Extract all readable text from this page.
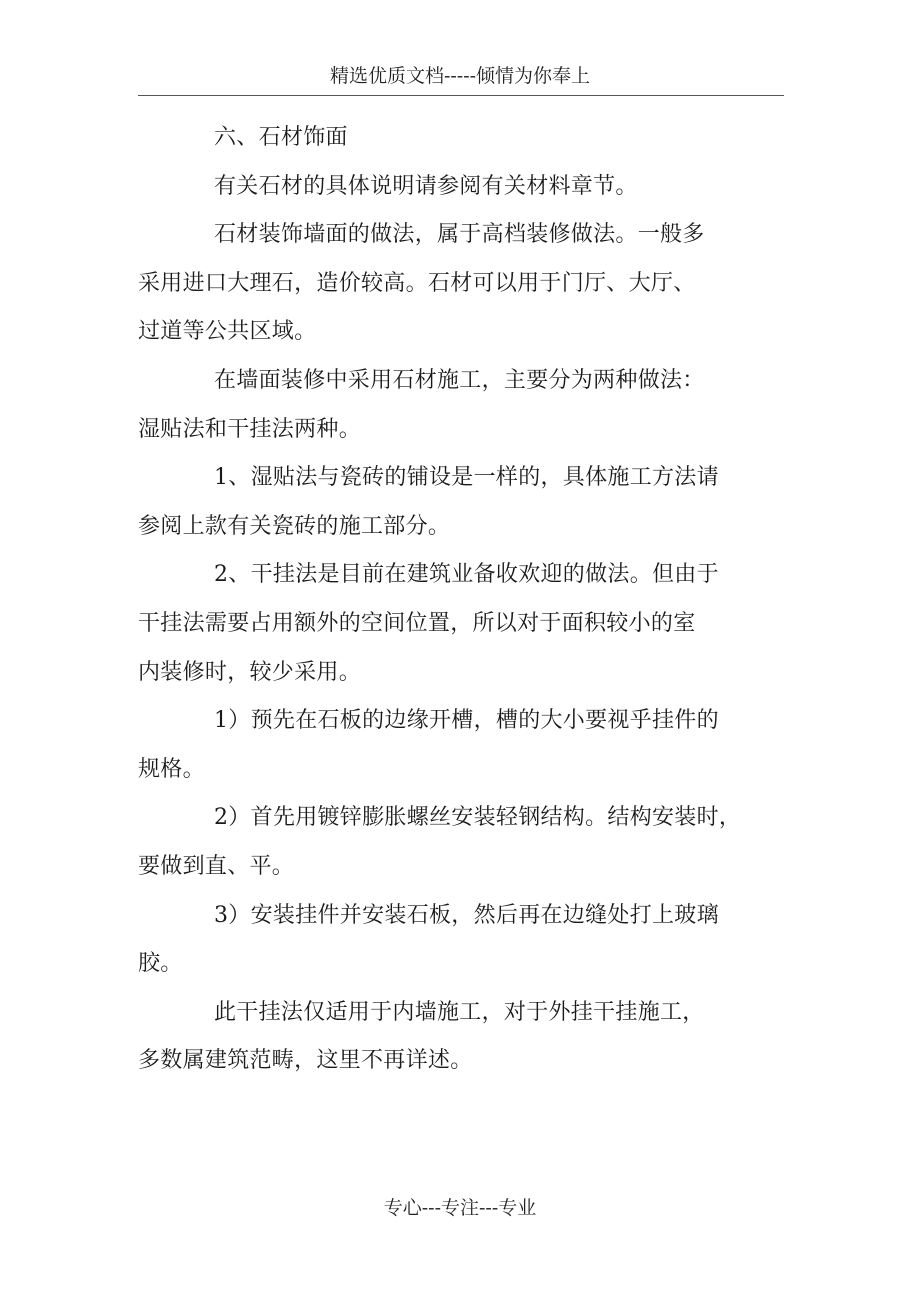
精选优质文档-----倾情为你奉上
六、石材饰面
有关石材的具体说明请参阅有关材料章节。
石材装饰墙面的做法，属于高档装修做法。一般多
采用进口大理石，造价较高。石材可以用于门厅、大厅、
过道等公共区域。
在墙面装修中采用石材施工，主要分为两种做法：
湿贴法和干挂法两种。
1、湿贴法与瓷砖的铺设是一样的，具体施工方法请
参阅上款有关瓷砖的施工部分。
2、干挂法是目前在建筑业备收欢迎的做法。但由于
干挂法需要占用额外的空间位置，所以对于面积较小的室
内装修时，较少采用。
1）预先在石板的边缘开槽，槽的大小要视乎挂件的
规格。
2）首先用镀锌膨胀螺丝安装轻钢结构。结构安装时，
要做到直、平。
3）安装挂件并安装石板，然后再在边缝处打上玻璃
胶。
此干挂法仅适用于内墙施工，对于外挂干挂施工，
多数属建筑范畴，这里不再详述。
专心---专注---专业
